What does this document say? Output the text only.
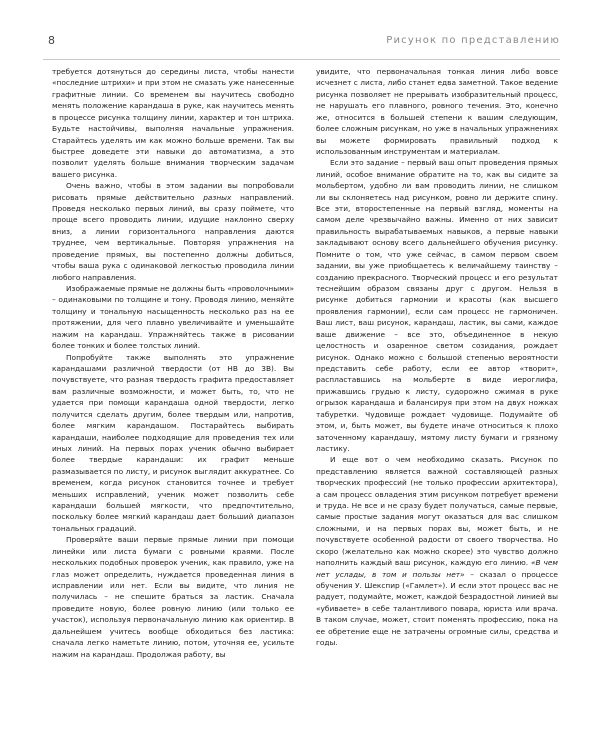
8	Рисунок по представлению

требуется дотянуться до середины листа, чтобы нанести «последние штрихи» и при этом не смазать уже нанесенные графитные линии. Со временем вы научитесь свободно менять положение карандаша в руке, как научитесь менять в процессе рисунка толщину линии, характер и тон штриха. Будьте настойчивы, выполняя начальные упражнения. Старайтесь уделять им как можно больше времени. Так вы быстрее доведете эти навыки до автоматизма, а это позволит уделять больше внимания творческим задачам вашего рисунка.

Очень важно, чтобы в этом задании вы попробовали рисовать прямые действительно разных направлений. Проведя несколько первых линий, вы сразу поймете, что проще всего проводить линии, идущие наклонно сверху вниз, а линии горизонтального направления даются труднее, чем вертикальные. Повторяя упражнения на проведение прямых, вы постепенно должны добиться, чтобы ваша рука с одинаковой легкостью проводила линии любого направления.

Изображаемые прямые не должны быть «проволочными» – одинаковыми по толщине и тону. Проводя линию, меняйте толщину и тональную насыщенность несколько раз на ее протяжении, для чего плавно увеличивайте и уменьшайте нажим на карандаш. Упражняйтесь также в рисовании более тонких и более толстых линий.

Попробуйте также выполнять это упражнение карандашами различной твердости (от НВ до 3В). Вы почувствуете, что разная твердость графита предоставляет вам различные возможности, и может быть, то, что не удается при помощи карандаша одной твердости, легко получится сделать другим, более твердым или, напротив, более мягким карандашом. Постарайтесь выбирать карандаши, наиболее подходящие для проведения тех или иных линий. На первых порах ученик обычно выбирает более твердые карандаши: их графит меньше размазывается по листу, и рисунок выглядит аккуратнее. Со временем, когда рисунок становится точнее и требует меньших исправлений, ученик может позволить себе карандаши большей мягкости, что предпочтительно, поскольку более мягкий карандаш дает больший диапазон тональных градаций.

Проверяйте ваши первые прямые линии при помощи линейки или листа бумаги с ровными краями. После нескольких подобных проверок ученик, как правило, уже на глаз может определить, нуждается проведенная линия в исправлении или нет. Если вы видите, что линия не получилась – не спешите браться за ластик. Сначала проведите новую, более ровную линию (или только ее участок), используя первоначальную линию как ориентир. В дальнейшем учитесь вообще обходиться без ластика: сначала легко наметьте линию, потом, уточняя ее, усильте нажим на карандаш. Продолжая работу, вы

увидите, что первоначальная тонкая линия либо вовсе исчезнет с листа, либо станет едва заметной. Такое ведение рисунка позволяет не прерывать изобразительный процесс, не нарушать его плавного, ровного течения. Это, конечно же, относится в большей степени к вашим следующим, более сложным рисункам, но уже в начальных упражнениях вы можете формировать правильный подход к использованным инструментам и материалам.

Если это задание – первый ваш опыт проведения прямых линий, особое внимание обратите на то, как вы сидите за мольбертом, удобно ли вам проводить линии, не слишком ли вы склоняетесь над рисунком, ровно ли держите спину. Все эти, второстепенные на первый взгляд, моменты на самом деле чрезвычайно важны. Именно от них зависит правильность вырабатываемых навыков, а первые навыки закладывают основу всего дальнейшего обучения рисунку. Помните о том, что уже сейчас, в самом первом своем задании, вы уже приобщаетесь к величайшему таинству – созданию прекрасного. Творческий процесс и его результат теснейшим образом связаны друг с другом. Нельзя в рисунке добиться гармонии и красоты (как высшего проявления гармонии), если сам процесс не гармоничен. Ваш лист, ваш рисунок, карандаш, ластик, вы сами, каждое ваше движение – все это, объединенное в некую целостность и озаренное светом созидания, рождает рисунок. Однако можно с большой степенью вероятности представить себе работу, если ее автор «творит», распластавшись на мольберте в виде иероглифа, прижавшись грудью к листу, судорожно сжимая в руке огрызок карандаша и балансируя при этом на двух ножках табуретки. Чудовище рождает чудовище. Подумайте об этом, и, быть может, вы будете иначе относиться к плохо заточенному карандашу, мятому листу бумаги и грязному ластику.

И еще вот о чем необходимо сказать. Рисунок по представлению является важной составляющей разных творческих профессий (не только профессии архитектора), а сам процесс овладения этим рисунком потребует времени и труда. Не все и не сразу будет получаться, самые первые, самые простые задания могут оказаться для вас слишком сложными, и на первых порах вы, может быть, и не почувствуете особенной радости от своего творчества. Но скоро (желательно как можно скорее) это чувство должно наполнить каждый ваш рисунок, каждую его линию. «В чем нет услады, в том и пользы нет» – сказал о процессе обучения У. Шекспир («Гамлет»). И если этот процесс вас не радует, подумайте, может, каждой безрадостной линией вы «убиваете» в себе талантливого повара, юриста или врача. В таком случае, может, стоит поменять профессию, пока на ее обретение еще не затрачены огромные силы, средства и годы.
